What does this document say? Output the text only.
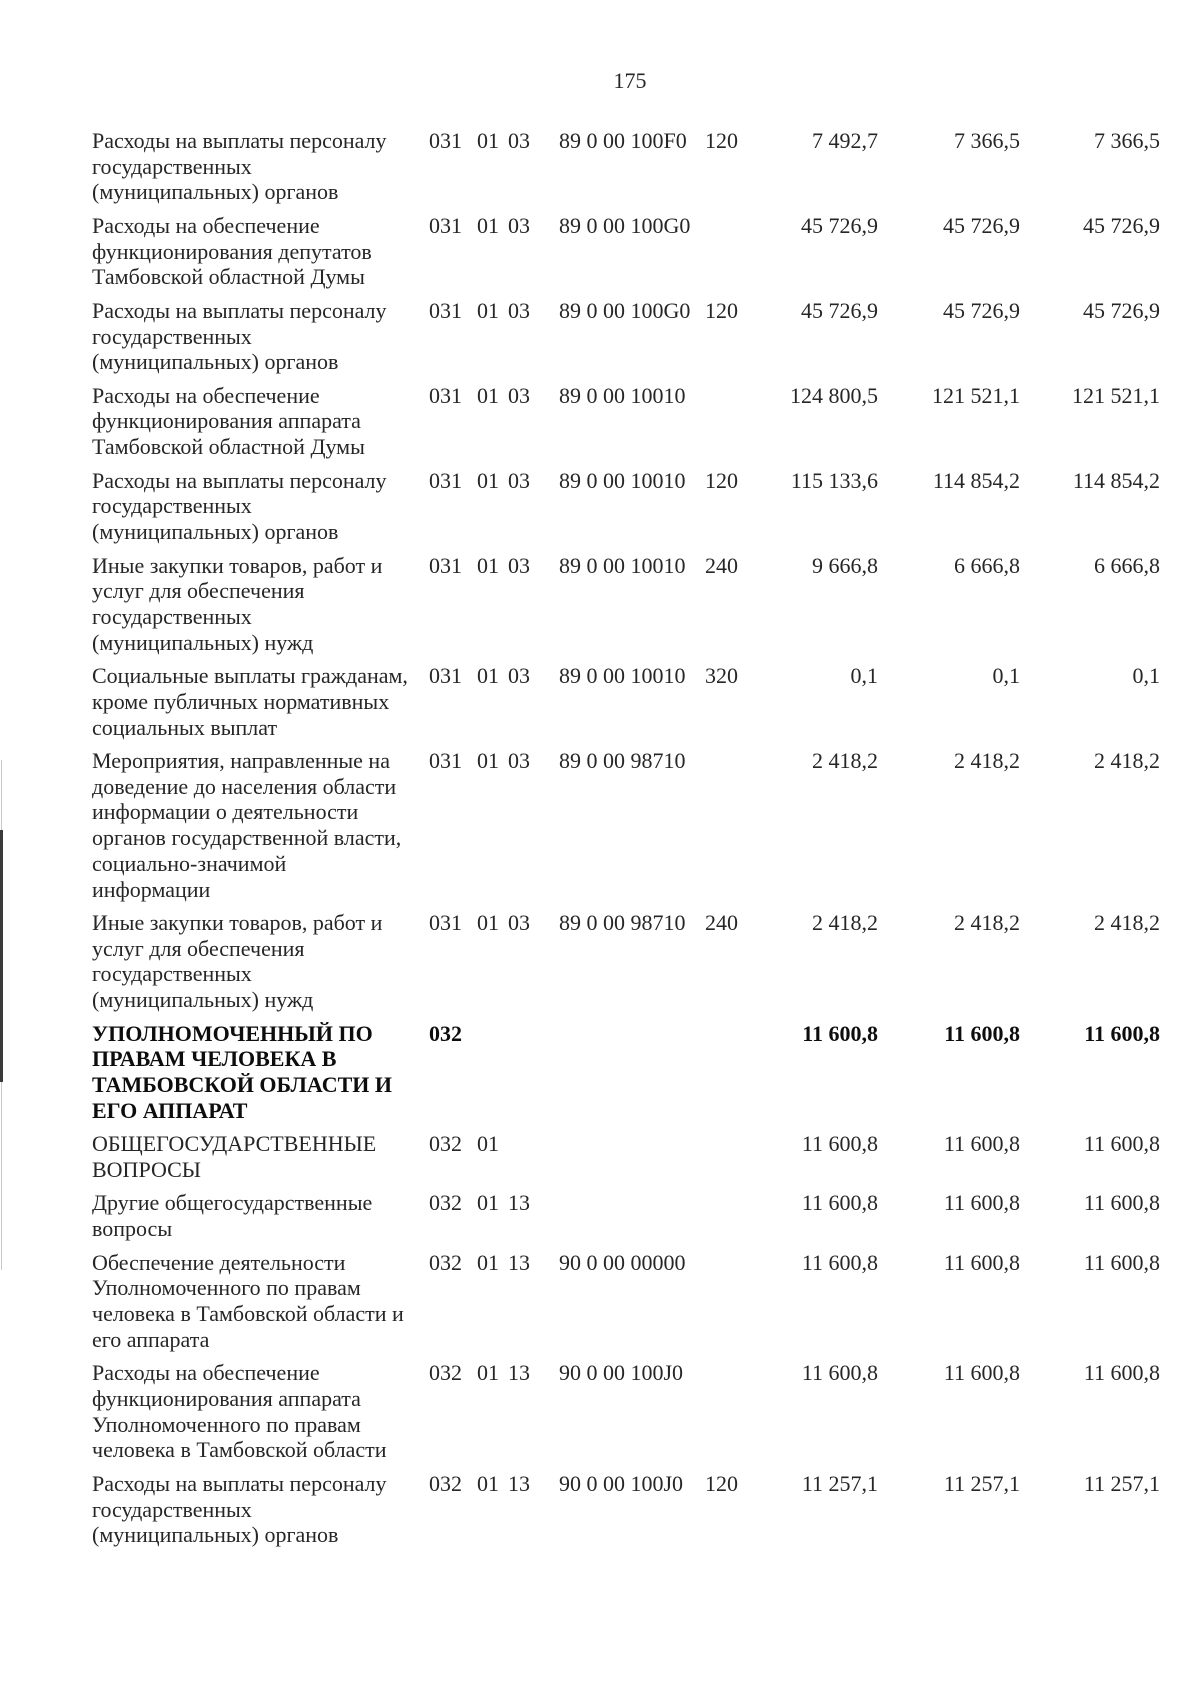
175
Расходы на выплаты персоналу
государственных
(муниципальных) органов
031 01 03	89 0 00 100F0 120	7 492,7	7 366,5	7 366,5
Расходы на обеспечение
функционирования депутатов
Тамбовской областной Думы
031 01 03	89 0 00 100G0	45 726,9	45 726,9	45 726,9
Расходы на выплаты персоналу
государственных
(муниципальных) органов
031 01 03	89 0 00 100G0 120	45 726,9	45 726,9	45 726,9
Расходы на обеспечение
функционирования аппарата
Тамбовской областной Думы
031 01 03	89 0 00 10010	124 800,5	121 521,1	121 521,1
Расходы на выплаты персоналу
государственных
(муниципальных) органов
031 01 03	89 0 00 10010 120	115 133,6	114 854,2	114 854,2
Иные закупки товаров, работ и
услуг для обеспечения
государственных
(муниципальных) нужд
031 01 03	89 0 00 10010 240	9 666,8	6 666,8	6 666,8
Социальные выплаты гражданам,
кроме публичных нормативных
социальных выплат
031 01 03	89 0 00 10010 320	0,1	0,1	0,1
Мероприятия, направленные на
доведение до населения области
информации о деятельности
органов государственной власти,
социально-значимой
информации
031 01 03	89 0 00 98710	2 418,2	2 418,2	2 418,2
Иные закупки товаров, работ и
услуг для обеспечения
государственных
(муниципальных) нужд
031 01 03	89 0 00 98710 240	2 418,2	2 418,2	2 418,2
УПОЛНОМОЧЕННЫЙ ПО
ПРАВАМ ЧЕЛОВЕКА В
ТАМБОВСКОЙ ОБЛАСТИ И
ЕГО АППАРАТ
032	11 600,8	11 600,8	11 600,8
ОБЩЕГОСУДАРСТВЕННЫЕ
ВОПРОСЫ
032 01	11 600,8	11 600,8	11 600,8
Другие общегосударственные
вопросы
032 01 13	11 600,8	11 600,8	11 600,8
Обеспечение деятельности
Уполномоченного по правам
человека в Тамбовской области и
его аппарата
032 01 13	90 0 00 00000	11 600,8	11 600,8	11 600,8
Расходы на обеспечение
функционирования аппарата
Уполномоченного по правам
человека в Тамбовской области
032 01 13	90 0 00 100J0	11 600,8	11 600,8	11 600,8
Расходы на выплаты персоналу
государственных
(муниципальных) органов
032 01 13	90 0 00 100J0 120	11 257,1	11 257,1	11 257,1
